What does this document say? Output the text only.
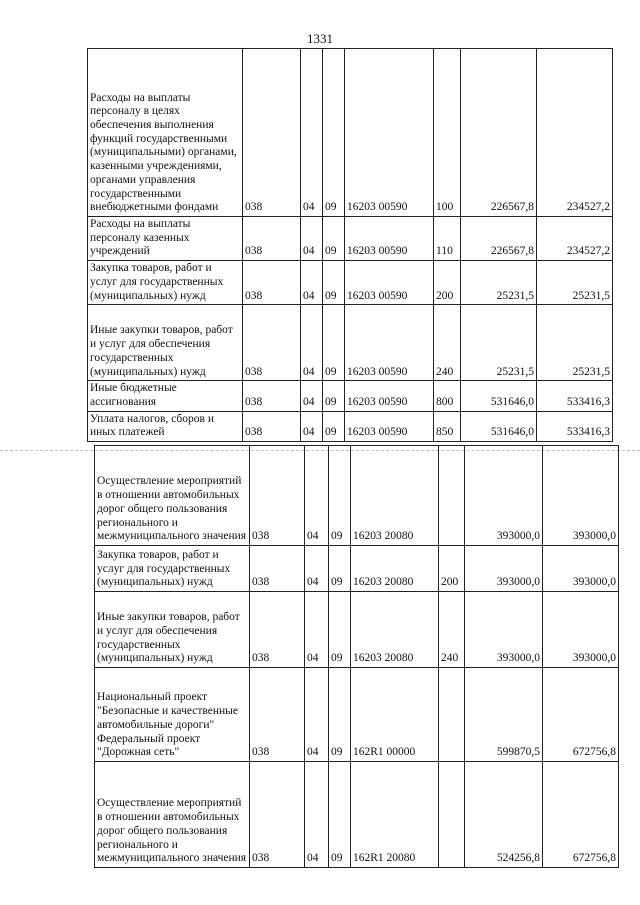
1331
Расходы на выплаты персоналу в целях обеспечения выполнения функций государственными (муниципальными) органами, казенными учреждениями, органами управления государственными внебюджетными фондами	038	04	09	16203 00590	100	226567,8	234527,2
Расходы на выплаты персоналу казенных учреждений	038	04	09	16203 00590	110	226567,8	234527,2
Закупка товаров, работ и услуг для государственных (муниципальных) нужд	038	04	09	16203 00590	200	25231,5	25231,5
Иные закупки товаров, работ и услуг для обеспечения государственных (муниципальных) нужд	038	04	09	16203 00590	240	25231,5	25231,5
Иные бюджетные ассигнования	038	04	09	16203 00590	800	531646,0	533416,3
Уплата налогов, сборов и иных платежей	038	04	09	16203 00590	850	531646,0	533416,3
Осуществление мероприятий в отношении автомобильных дорог общего пользования регионального и межмуниципального значения	038	04	09	16203 20080		393000,0	393000,0
Закупка товаров, работ и услуг для государственных (муниципальных) нужд	038	04	09	16203 20080	200	393000,0	393000,0
Иные закупки товаров, работ и услуг для обеспечения государственных (муниципальных) нужд	038	04	09	16203 20080	240	393000,0	393000,0
Национальный проект "Безопасные и качественные автомобильные дороги" Федеральный проект "Дорожная сеть"	038	04	09	162R1 00000		599870,5	672756,8
Осуществление мероприятий в отношении автомобильных дорог общего пользования регионального и межмуниципального значения	038	04	09	162R1 20080		524256,8	672756,8
